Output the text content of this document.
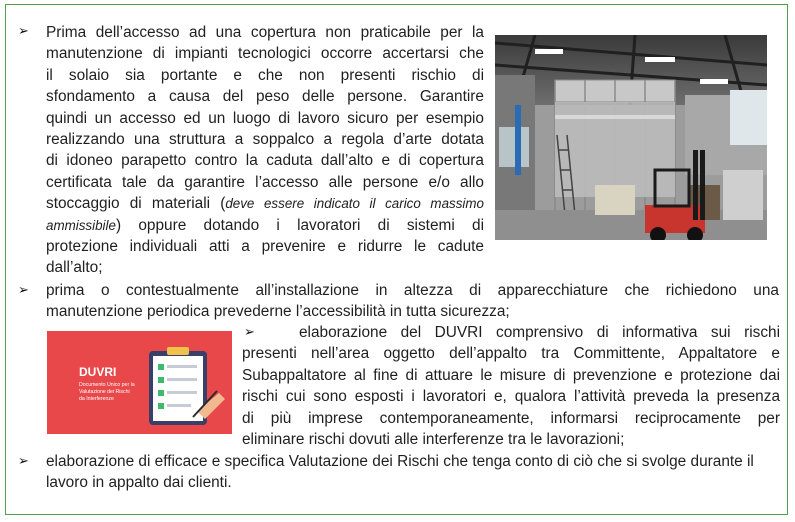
➢ Prima dell’accesso ad una copertura non praticabile per la
manutenzione di impianti tecnologici occorre accertarsi che
il solaio sia portante e che non presenti rischio di
sfondamento a causa del peso delle persone. Garantire
quindi un accesso ed un luogo di lavoro sicuro per esempio
realizzando una struttura a soppalco a regola d’arte dotata
di idoneo parapetto contro la caduta dall’alto e di copertura
certificata tale da garantire l’accesso alle persone e/o allo
stoccaggio di materiali (deve essere indicato il carico massimo
ammissibile) oppure dotando i lavoratori di sistemi di
protezione individuali atti a prevenire e ridurre le cadute
dall’alto;
➢ prima o contestualmente all’installazione in altezza di apparecchiature che richiedono una
manutenzione periodica prevederne l’accessibilità in tutta sicurezza;
DUVRI
Documento Unico per la
Valutazione dei Rischi
da Interferenze
➢	elaborazione del DUVRI comprensivo di informativa sui rischi
presenti nell’area oggetto dell’appalto tra Committente, Appaltatore e
Subappaltatore al fine di attuare le misure di prevenzione e protezione dai
rischi cui sono esposti i lavoratori e, qualora l’attività preveda la presenza
di più imprese contemporaneamente, informarsi reciprocamente per
eliminare rischi dovuti alle interferenze tra le lavorazioni;
➢ elaborazione di efficace e specifica Valutazione dei Rischi che tenga conto di ciò che si svolge durante il
lavoro in appalto dai clienti.
